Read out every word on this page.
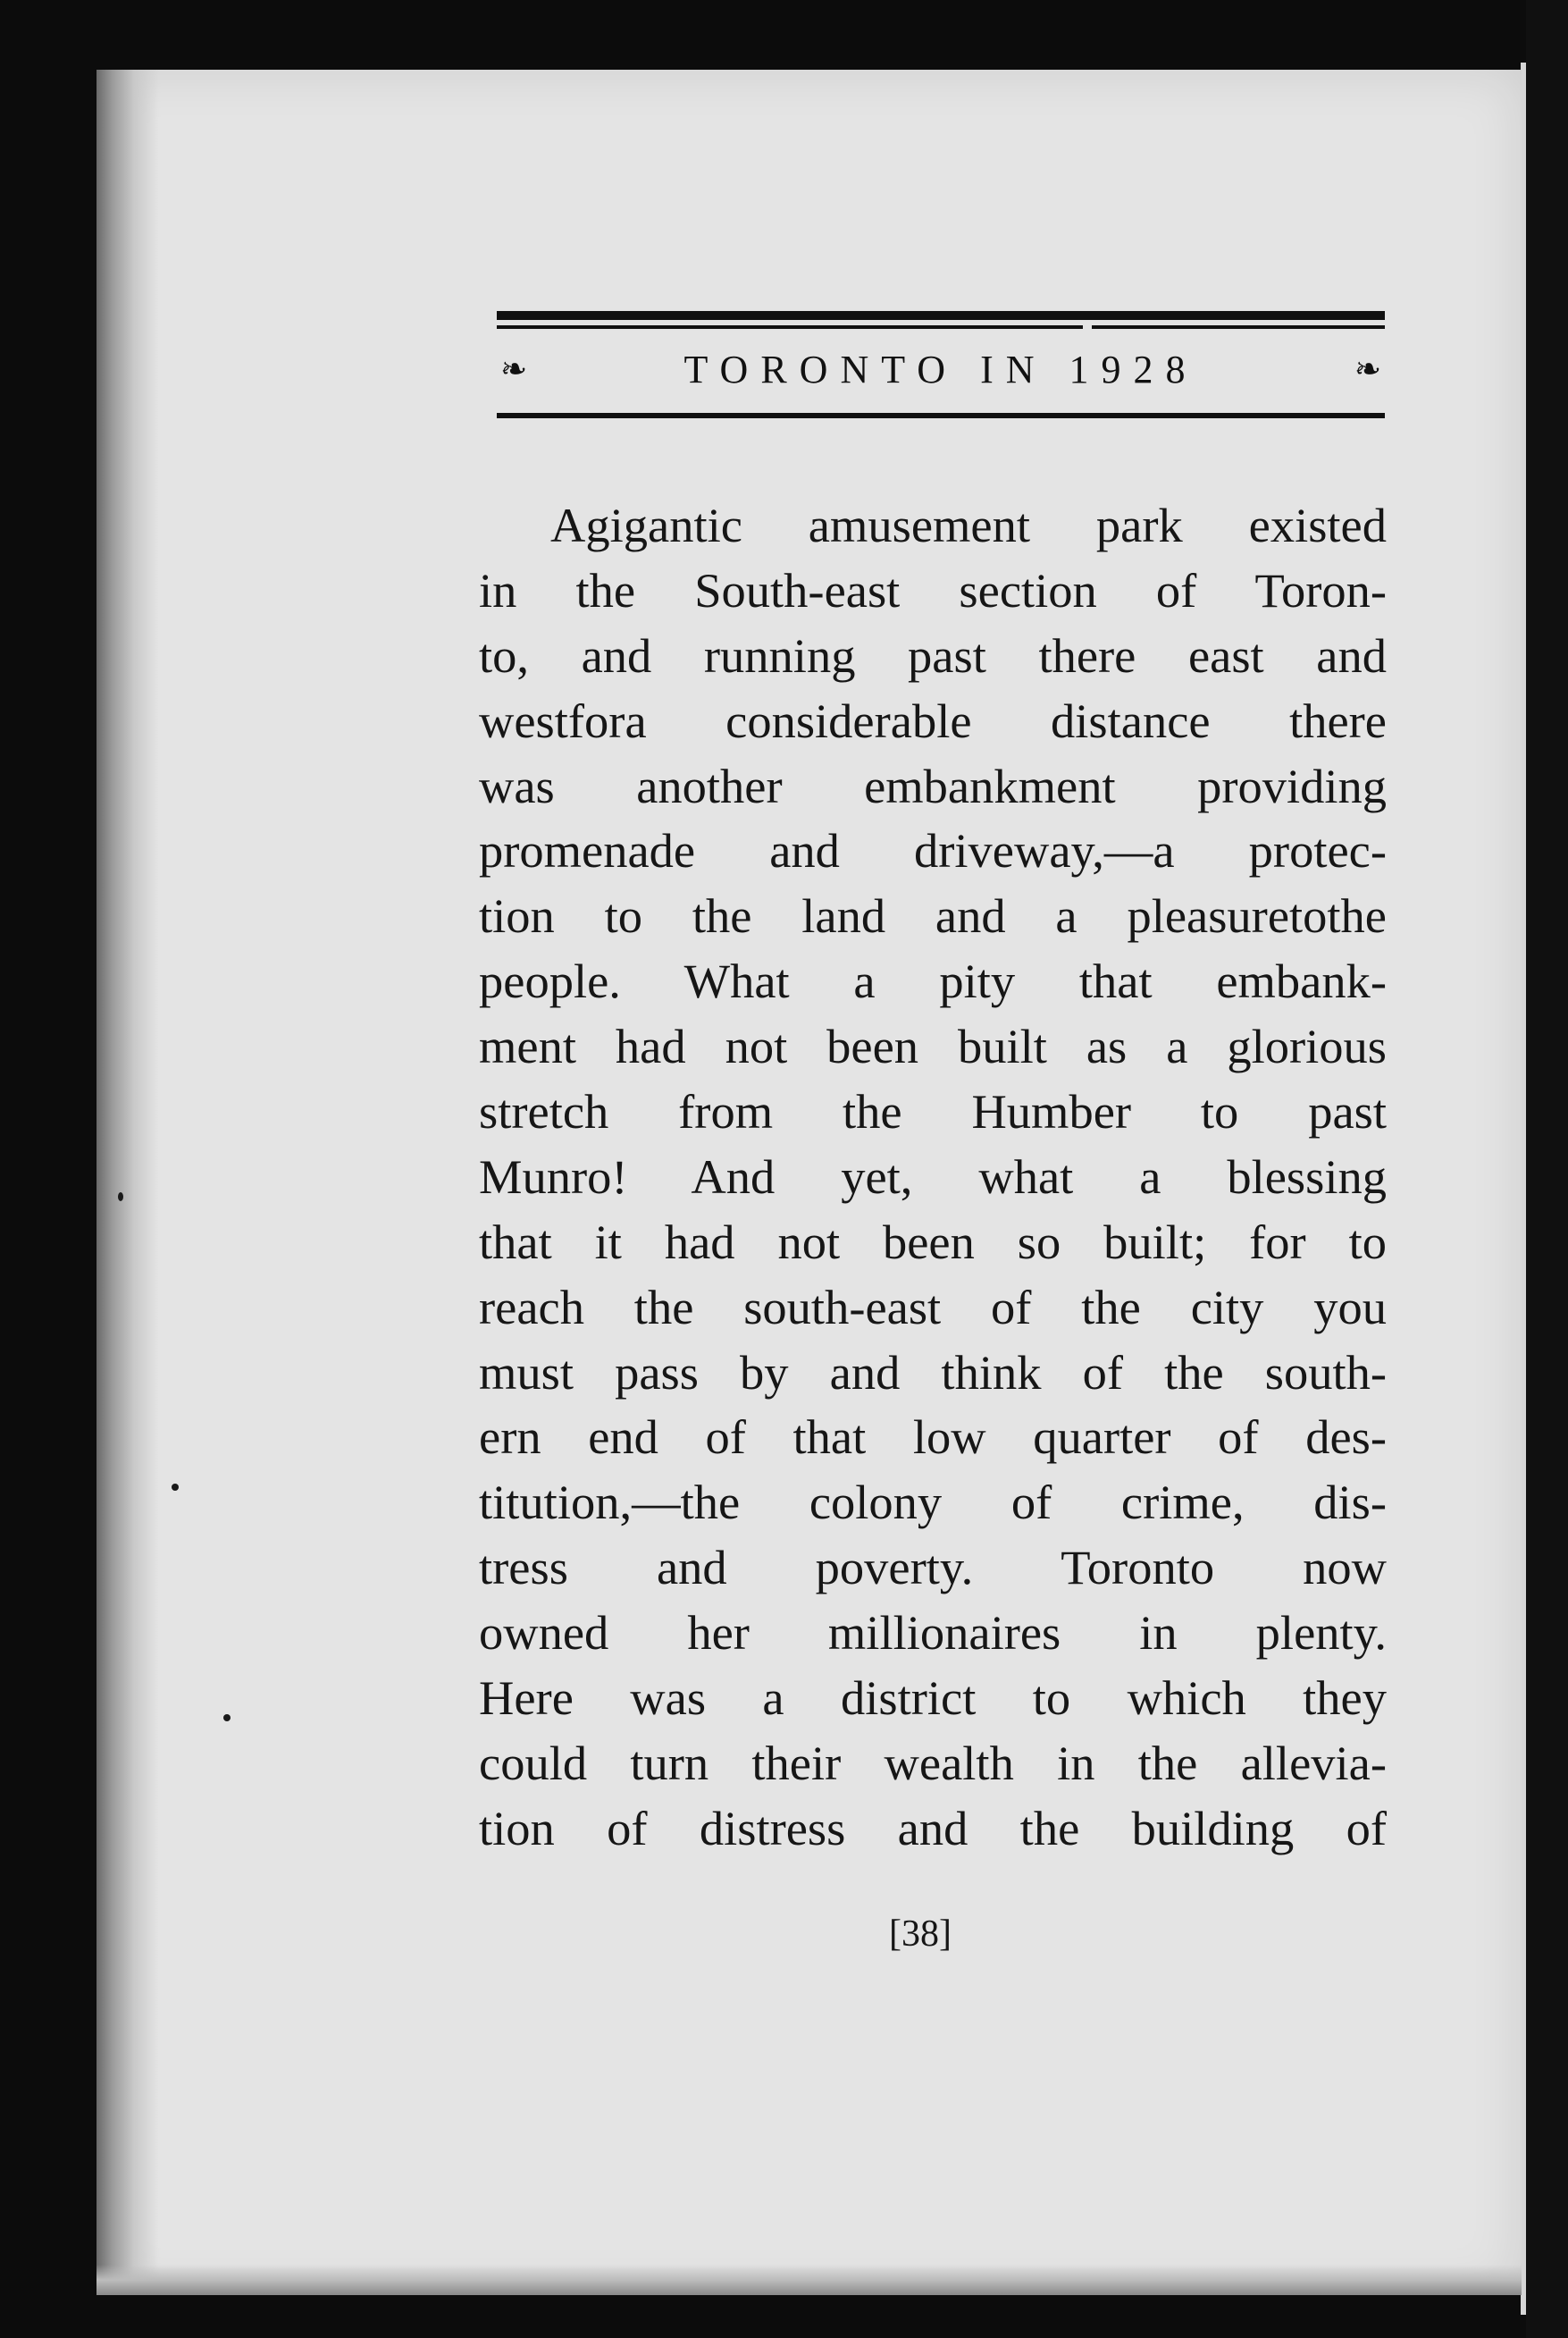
❧	TORONTO IN 1928	❧
Agigantic amusement park existed
in the South-east section of Toron-
to, and running past there east and
westfora considerable distance there
was another embankment providing
promenade and driveway,—a protec-
tion to the land and a pleasuretothe
people. What a pity that embank-
ment had not been built as a glorious
stretch from the Humber to past
Munro! And yet, what a blessing
that it had not been so built; for to
reach the south-east of the city you
must pass by and think of the south-
ern end of that low quarter of des-
titution,—the colony of crime, dis-
tress and poverty. Toronto now
owned her millionaires in plenty.
Here was a district to which they
could turn their wealth in the allevia-
tion of distress and the building of
[38]
